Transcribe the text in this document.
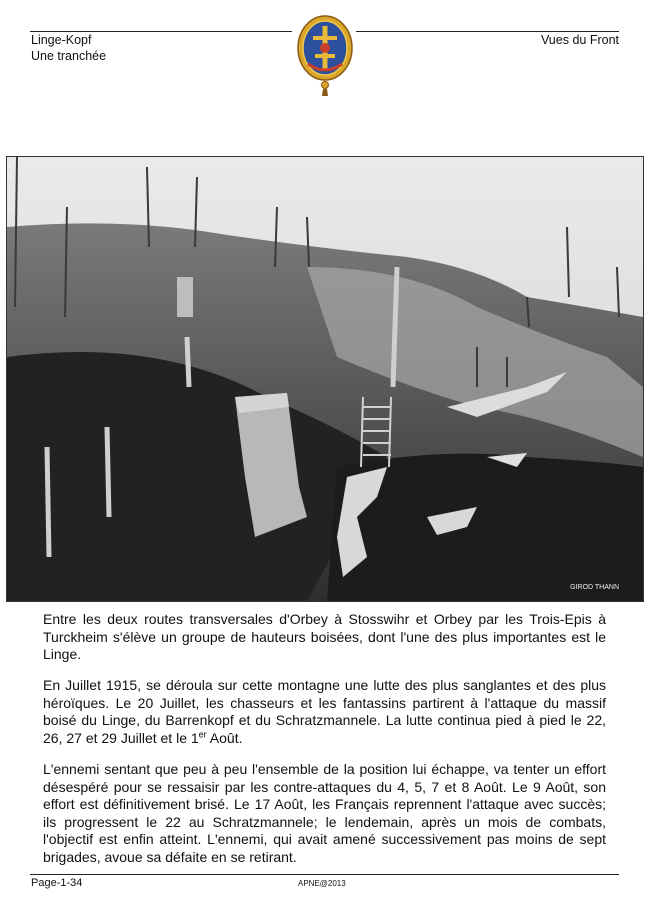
Linge-Kopf
Une tranchée
Vues du Front
GIROD THANN
Entre les deux routes transversales d'Orbey à Stosswihr et Orbey par les Trois-Epis à Turckheim s'élève un groupe de hauteurs boisées, dont l'une des plus importantes est le Linge.
En Juillet 1915, se déroula sur cette montagne une lutte des plus sanglantes et des plus héroïques. Le 20 Juillet, les chasseurs et les fantassins partirent à l'attaque du massif boisé du Linge, du Barrenkopf et du Schratzmannele. La lutte continua pied à pied le 22, 26, 27 et 29 Juillet et le 1er Août.
L'ennemi sentant que peu à peu l'ensemble de la position lui échappe, va tenter un effort désespéré pour se ressaisir par les contre-attaques du 4, 5, 7 et 8 Août. Le 9 Août, son effort est définitivement brisé. Le 17 Août, les Français reprennent l'attaque avec succès; ils progressent le 22 au Schratzmannele; le lendemain, après un mois de combats, l'objectif est enfin atteint. L'ennemi, qui avait amené successivement pas moins de sept brigades, avoue sa défaite en se retirant.
Page-1-34	APNE@2013
